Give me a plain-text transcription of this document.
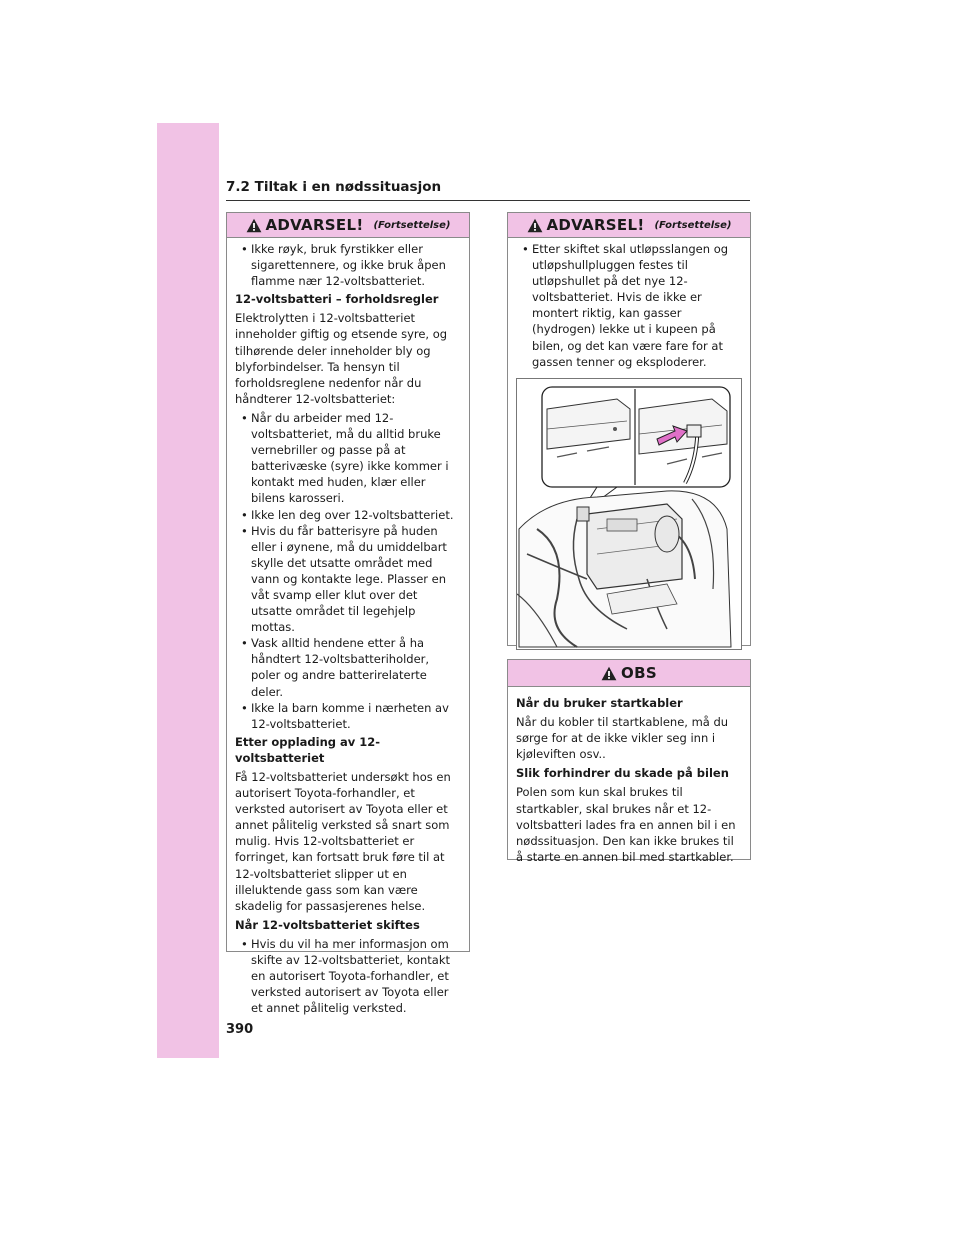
7.2 Tiltak i en nødssituasjon
ADVARSEL! (Fortsettelse)

• Ikke røyk, bruk fyrstikker eller sigarettennere, og ikke bruk åpen flamme nær 12-voltsbatteriet.

12-voltsbatteri – forholdsregler

Elektrolytten i 12-voltsbatteriet inneholder giftig og etsende syre, og tilhørende deler inneholder bly og blyforbindelser. Ta hensyn til forholdsreglene nedenfor når du håndterer 12-voltsbatteriet:

• Når du arbeider med 12-voltsbatteriet, må du alltid bruke vernebriller og passe på at batterivæske (syre) ikke kommer i kontakt med huden, klær eller bilens karosseri.

• Ikke len deg over 12-voltsbatteriet.

• Hvis du får batterisyre på huden eller i øynene, må du umiddelbart skylle det utsatte området med vann og kontakte lege. Plasser en våt svamp eller klut over det utsatte området til legehjelp mottas.

• Vask alltid hendene etter å ha håndtert 12-voltsbatteriholder, poler og andre batterirelaterte deler.

• Ikke la barn komme i nærheten av 12-voltsbatteriet.

Etter opplading av 12-voltsbatteriet

Få 12-voltsbatteriet undersøkt hos en autorisert Toyota-forhandler, et verksted autorisert av Toyota eller et annet pålitelig verksted så snart som mulig. Hvis 12-voltsbatteriet er forringet, kan fortsatt bruk føre til at 12-voltsbatteriet slipper ut en illeluktende gass som kan være skadelig for passasjerenes helse.

Når 12-voltsbatteriet skiftes

• Hvis du vil ha mer informasjon om skifte av 12-voltsbatteriet, kontakt en autorisert Toyota-forhandler, et verksted autorisert av Toyota eller et annet pålitelig verksted.

ADVARSEL! (Fortsettelse)

• Etter skiftet skal utløpsslangen og utløpshullpluggen festes til utløpshullet på det nye 12-voltsbatteriet. Hvis de ikke er montert riktig, kan gasser (hydrogen) lekke ut i kupeen på bilen, og det kan være fare for at gassen tenner og eksploderer.

OBS

Når du bruker startkabler

Når du kobler til startkablene, må du sørge for at de ikke vikler seg inn i kjøleviften osv..

Slik forhindrer du skade på bilen

Polen som kun skal brukes til startkabler, skal brukes når et 12-voltsbatteri lades fra en annen bil i en nødssituasjon. Den kan ikke brukes til å starte en annen bil med startkabler.

390
